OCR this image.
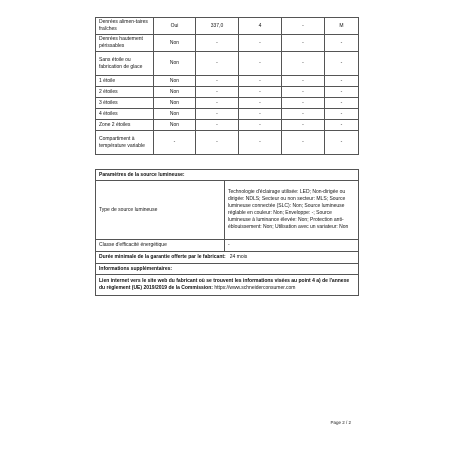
Denrées alimen-taires fraîches	Oui	337,0	4	-	M
Denrées hautement périssables	Non	-	-	-	-
Sans étoile ou fabrication de glace	Non	-	-	-	-
1 étoile	Non	-	-	-	-
2 étoiles	Non	-	-	-	-
3 étoiles	Non	-	-	-	-
4 étoiles	Non	-	-	-	-
Zone 2 étoiles	Non	-	-	-	-
Compartiment à température variable	-	-	-	-	-
Paramètres de la source lumineuse:	
Type de source lumineuse	Technologie d'éclairage utilisée: LED; Non-dirigée ou dirigée: NDLS; Secteur ou non secteur: MLS; Source lumineuse connectée (SLC): Non; Source lumineuse réglable en couleur: Non; Enveloppe: -; Source lumineuse à luminance élevée: Non; Protection anti-éblouissement: Non; Utilisation avec un variateur: Non
Classe d'efficacité énergétique	-
Durée minimale de la garantie offerte par le fabricant: 24 mois	
Informations supplémentaires:	
Lien internet vers le site web du fabricant où se trouvent les informations visées au point 4 a) de l'annexe du règlement (UE) 2019/2019 de la Commission: https://www.schneiderconsumer.com	
Page 2 / 2
